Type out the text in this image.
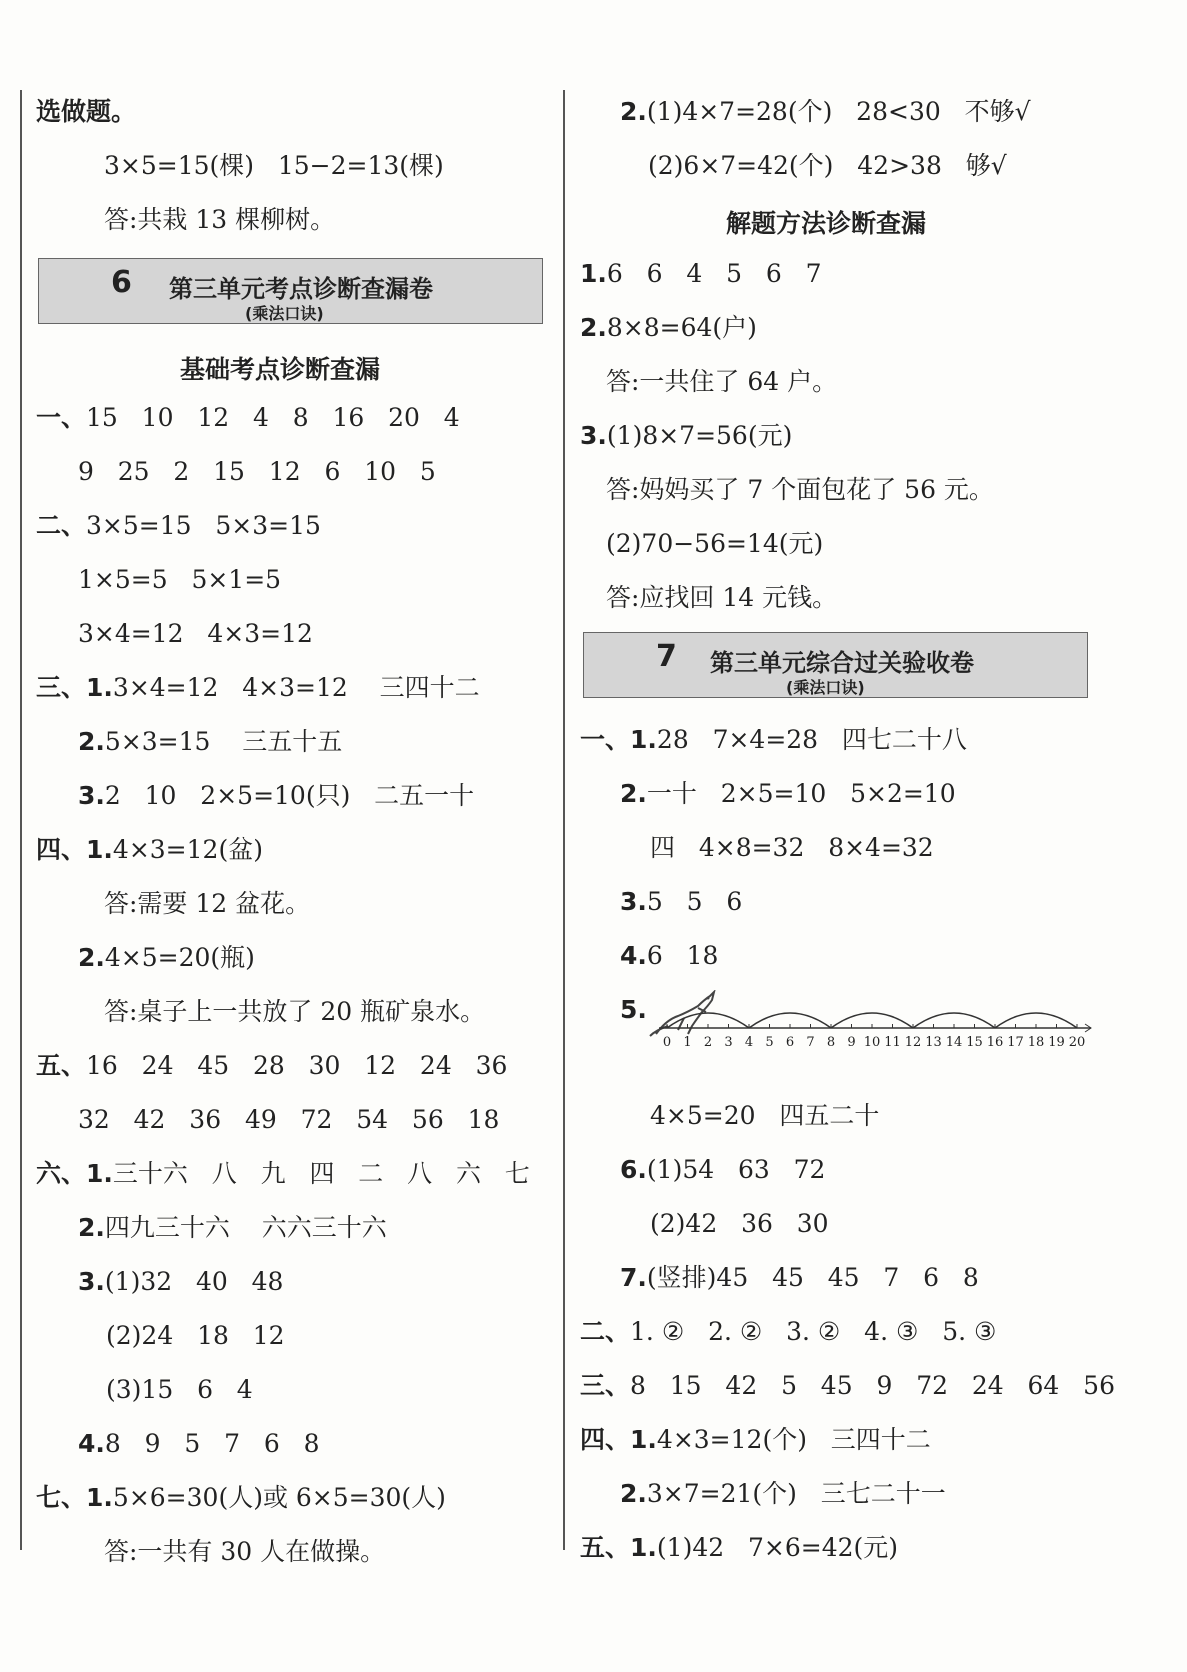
选做题。
3×5=15(棵)   15−2=13(棵)
答:共栽 13 棵柳树。
6 第三单元考点诊断查漏卷
(乘法口诀)
基础考点诊断查漏
一、15   10   12   4   8   16   20   4
9   25   2   15   12   6   10   5
二、3×5=15   5×3=15
1×5=5   5×1=5
3×4=12   4×3=12
三、1.3×4=12   4×3=12    三四十二
2.5×3=15    三五十五
3.2   10   2×5=10(只)   二五一十
四、1.4×3=12(盆)
答:需要 12 盆花。
2.4×5=20(瓶)
答:桌子上一共放了 20 瓶矿泉水。
五、16   24   45   28   30   12   24   36
32   42   36   49   72   54   56   18
六、1.三十六   八   九   四   二   八   六   七
2.四九三十六    六六三十六
3.(1)32   40   48
(2)24   18   12
(3)15   6   4
4.8   9   5   7   6   8
七、1.5×6=30(人)或 6×5=30(人)
答:一共有 30 人在做操。
2.(1)4×7=28(个)   28<30   不够√
(2)6×7=42(个)   42>38   够√
解题方法诊断查漏
1.6   6   4   5   6   7
2.8×8=64(户)
答:一共住了 64 户。
3.(1)8×7=56(元)
答:妈妈买了 7 个面包花了 56 元。
(2)70−56=14(元)
答:应找回 14 元钱。
7 第三单元综合过关验收卷
(乘法口诀)
一、1.28   7×4=28   四七二十八
2.一十   2×5=10   5×2=10
四   4×8=32   8×4=32
3.5   5   6
4.6   18
5.
0 1 2 3 4 5 6 7 8 9 10 11 12 13 14 15 16 17 18 19 20
4×5=20   四五二十
6.(1)54   63   72
(2)42   36   30
7.(竖排)45   45   45   7   6   8
二、1. ②   2. ②   3. ②   4. ③   5. ③
三、8   15   42   5   45   9   72   24   64   56
四、1.4×3=12(个)   三四十二
2.3×7=21(个)   三七二十一
五、1.(1)42   7×6=42(元)
